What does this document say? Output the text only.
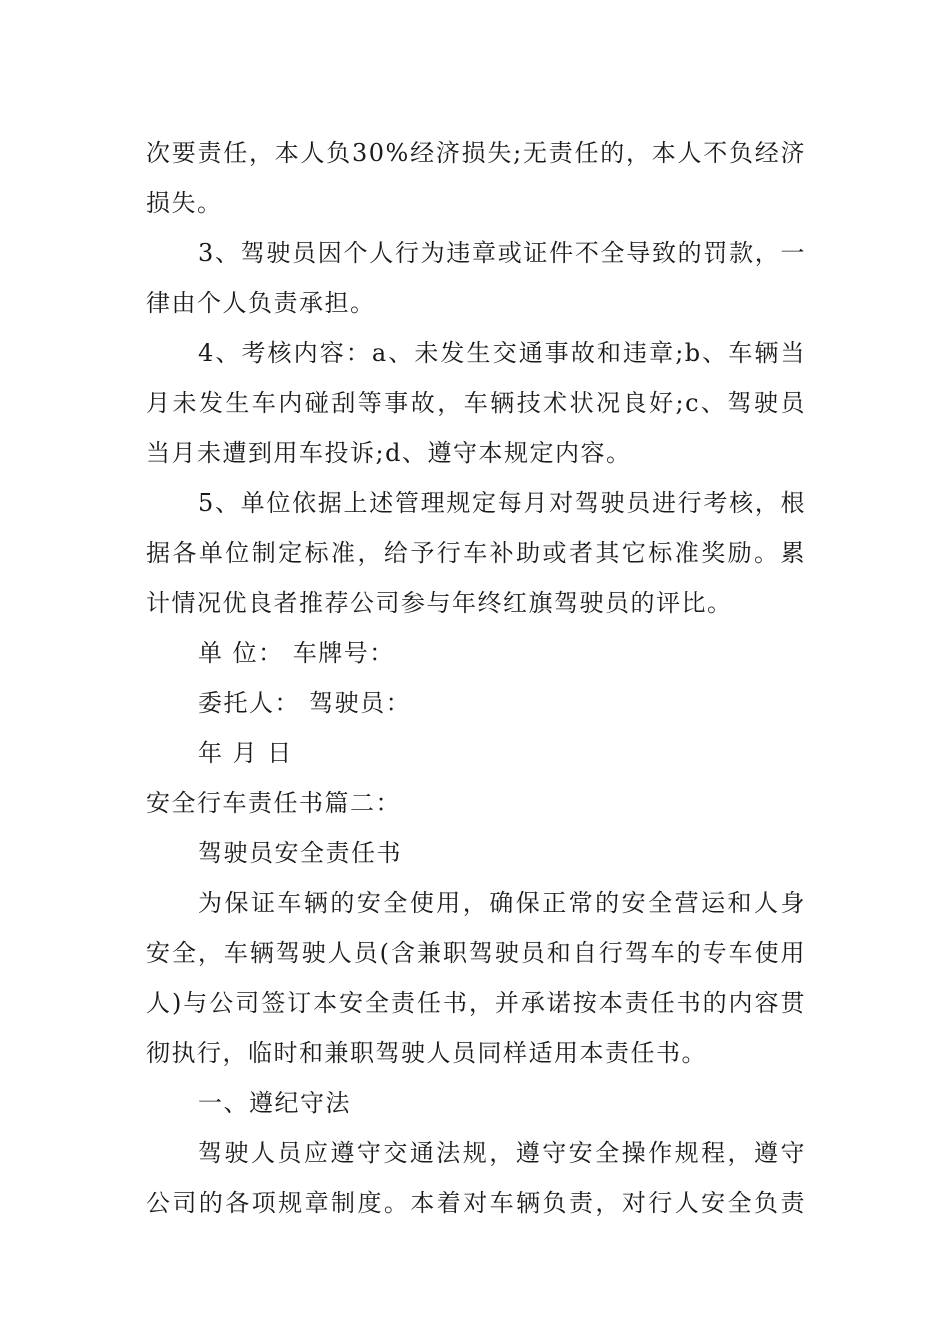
次要责任，本人负30%经济损失;无责任的，本人不负经济
损失。
3、驾驶员因个人行为违章或证件不全导致的罚款，一
律由个人负责承担。
4、考核内容：a、未发生交通事故和违章;b、车辆当
月未发生车内碰刮等事故，车辆技术状况良好;c、驾驶员
当月未遭到用车投诉;d、遵守本规定内容。
5、单位依据上述管理规定每月对驾驶员进行考核，根
据各单位制定标准，给予行车补助或者其它标准奖励。累
计情况优良者推荐公司参与年终红旗驾驶员的评比。
单 位： 车牌号：
委托人： 驾驶员：
年 月 日
安全行车责任书篇二：
驾驶员安全责任书
为保证车辆的安全使用，确保正常的安全营运和人身
安全，车辆驾驶人员(含兼职驾驶员和自行驾车的专车使用
人)与公司签订本安全责任书，并承诺按本责任书的内容贯
彻执行，临时和兼职驾驶人员同样适用本责任书。
一、遵纪守法
驾驶人员应遵守交通法规，遵守安全操作规程，遵守
公司的各项规章制度。本着对车辆负责，对行人安全负责
